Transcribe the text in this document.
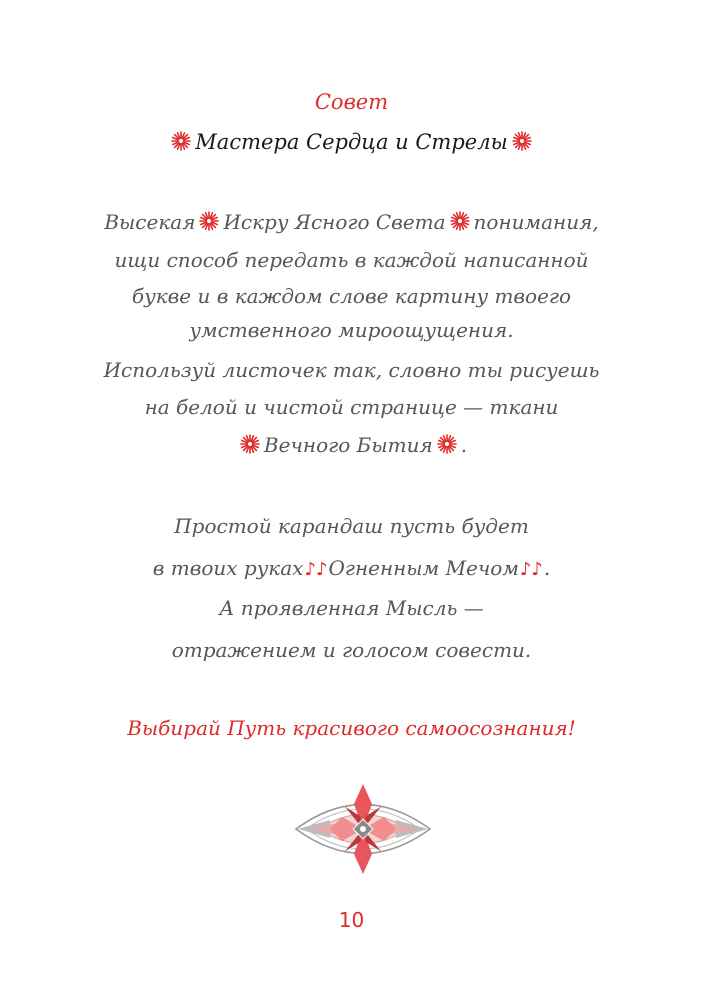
Совет
Мастера Сердца и Стрелы
Высекая Искру Ясного Света понимания,
ищи способ передать в каждой написанной
букве и в каждом слове картину твоего
умственного мироощущения.
Используй листочек так, словно ты рисуешь
на белой и чистой странице — ткани
Вечного Бытия .
Простой карандаш пусть будет
в твоих руках♪♪Огненным Мечом♪♪.
А проявленная Мысль —
отражением и голосом совести.
Выбирай Путь красивого самоосознания!
10
